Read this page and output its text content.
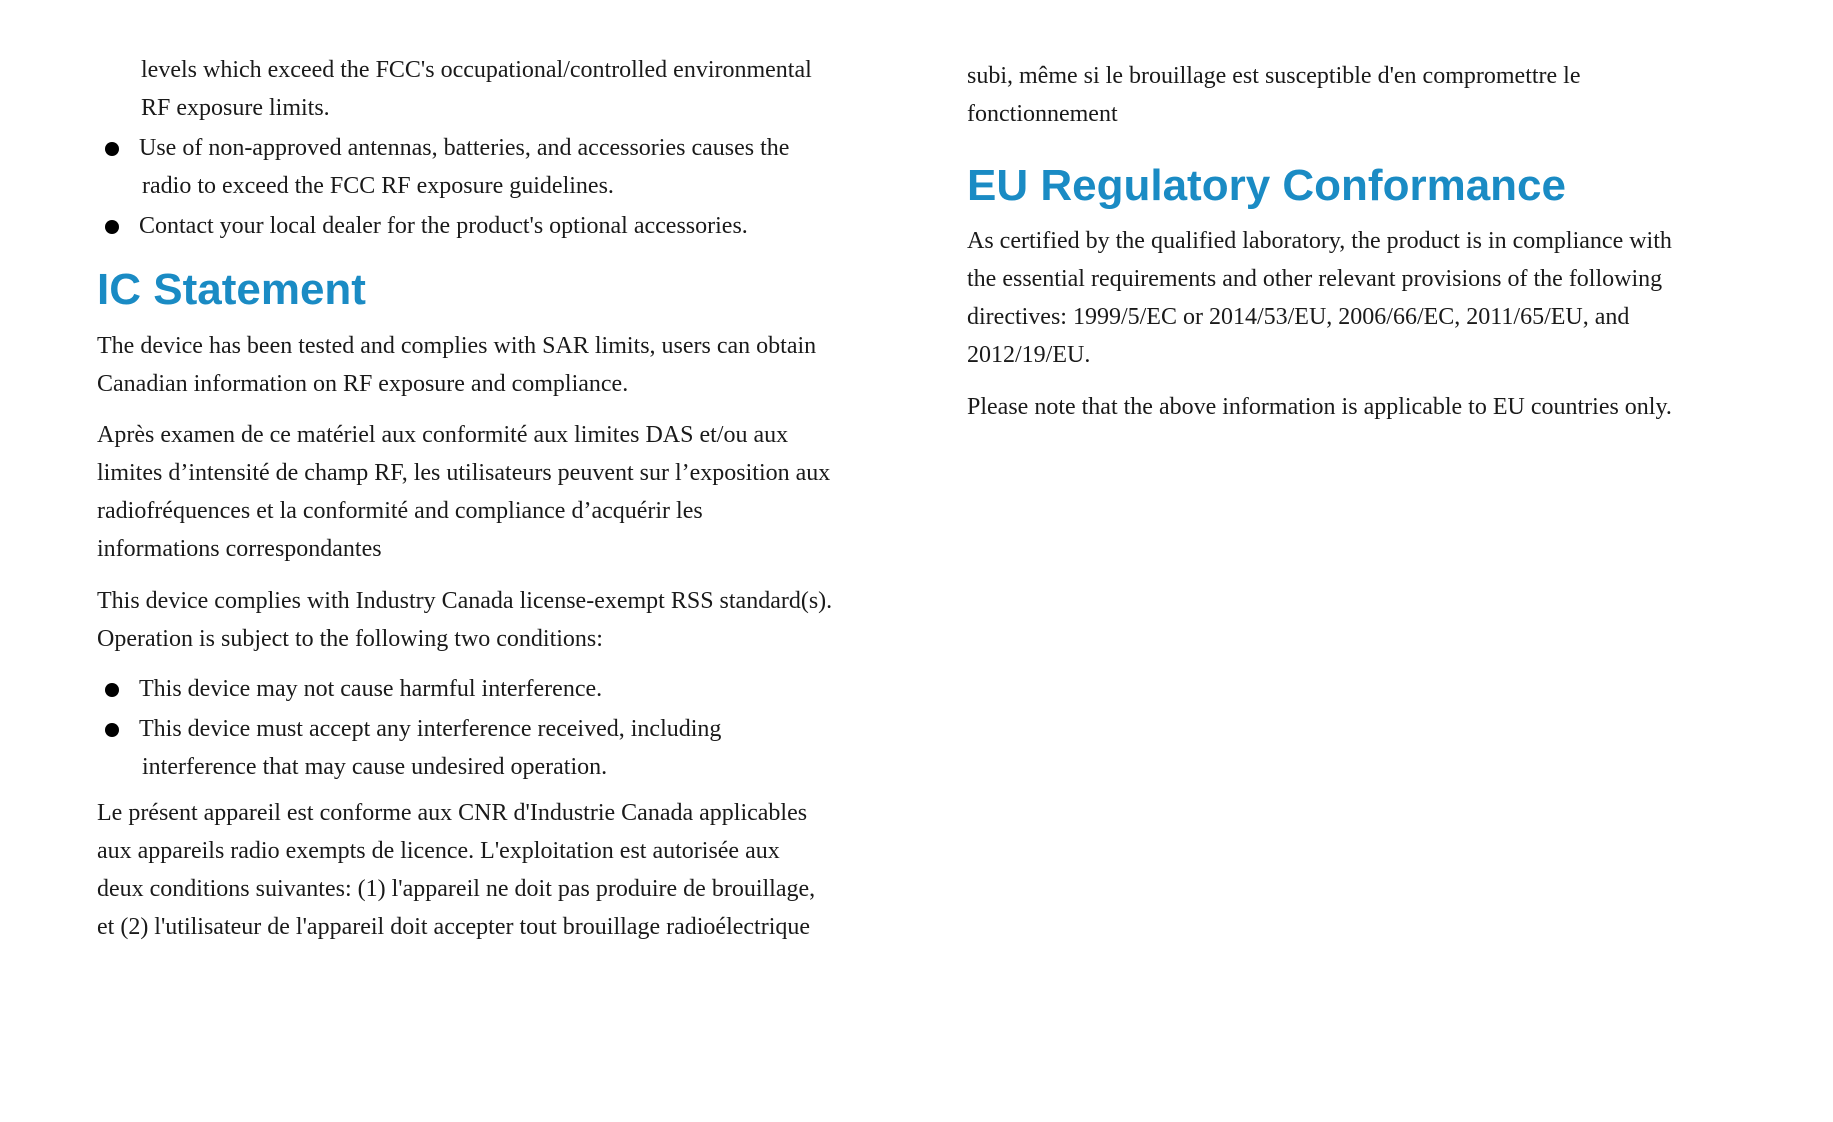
levels which exceed the FCC's occupational/controlled environmental

RF exposure limits.

Use of non-approved antennas, batteries, and accessories causes the
radio to exceed the FCC RF exposure guidelines.
Contact your local dealer for the product's optional accessories.
IC Statement

The device has been tested and complies with SAR limits, users can obtain

Canadian information on RF exposure and compliance.

Après examen de ce matériel aux conformité aux limites DAS et/ou aux

limites d’intensité de champ RF, les utilisateurs peuvent sur l’exposition aux

radiofréquences et la conformité and compliance d’acquérir les

informations correspondantes

This device complies with Industry Canada license-exempt RSS standard(s).

Operation is subject to the following two conditions:

This device may not cause harmful interference.
This device must accept any interference received, including
interference that may cause undesired operation.

Le présent appareil est conforme aux CNR d'Industrie Canada applicables

aux appareils radio exempts de licence. L'exploitation est autorisée aux

deux conditions suivantes: (1) l'appareil ne doit pas produire de brouillage,

et (2) l'utilisateur de l'appareil doit accepter tout brouillage radioélectrique

subi, même si le brouillage est susceptible d'en compromettre le

fonctionnement

EU Regulatory Conformance

As certified by the qualified laboratory, the product is in compliance with

the essential requirements and other relevant provisions of the following

directives: 1999/5/EC or 2014/53/EU, 2006/66/EC, 2011/65/EU, and

2012/19/EU.

Please note that the above information is applicable to EU countries only.
